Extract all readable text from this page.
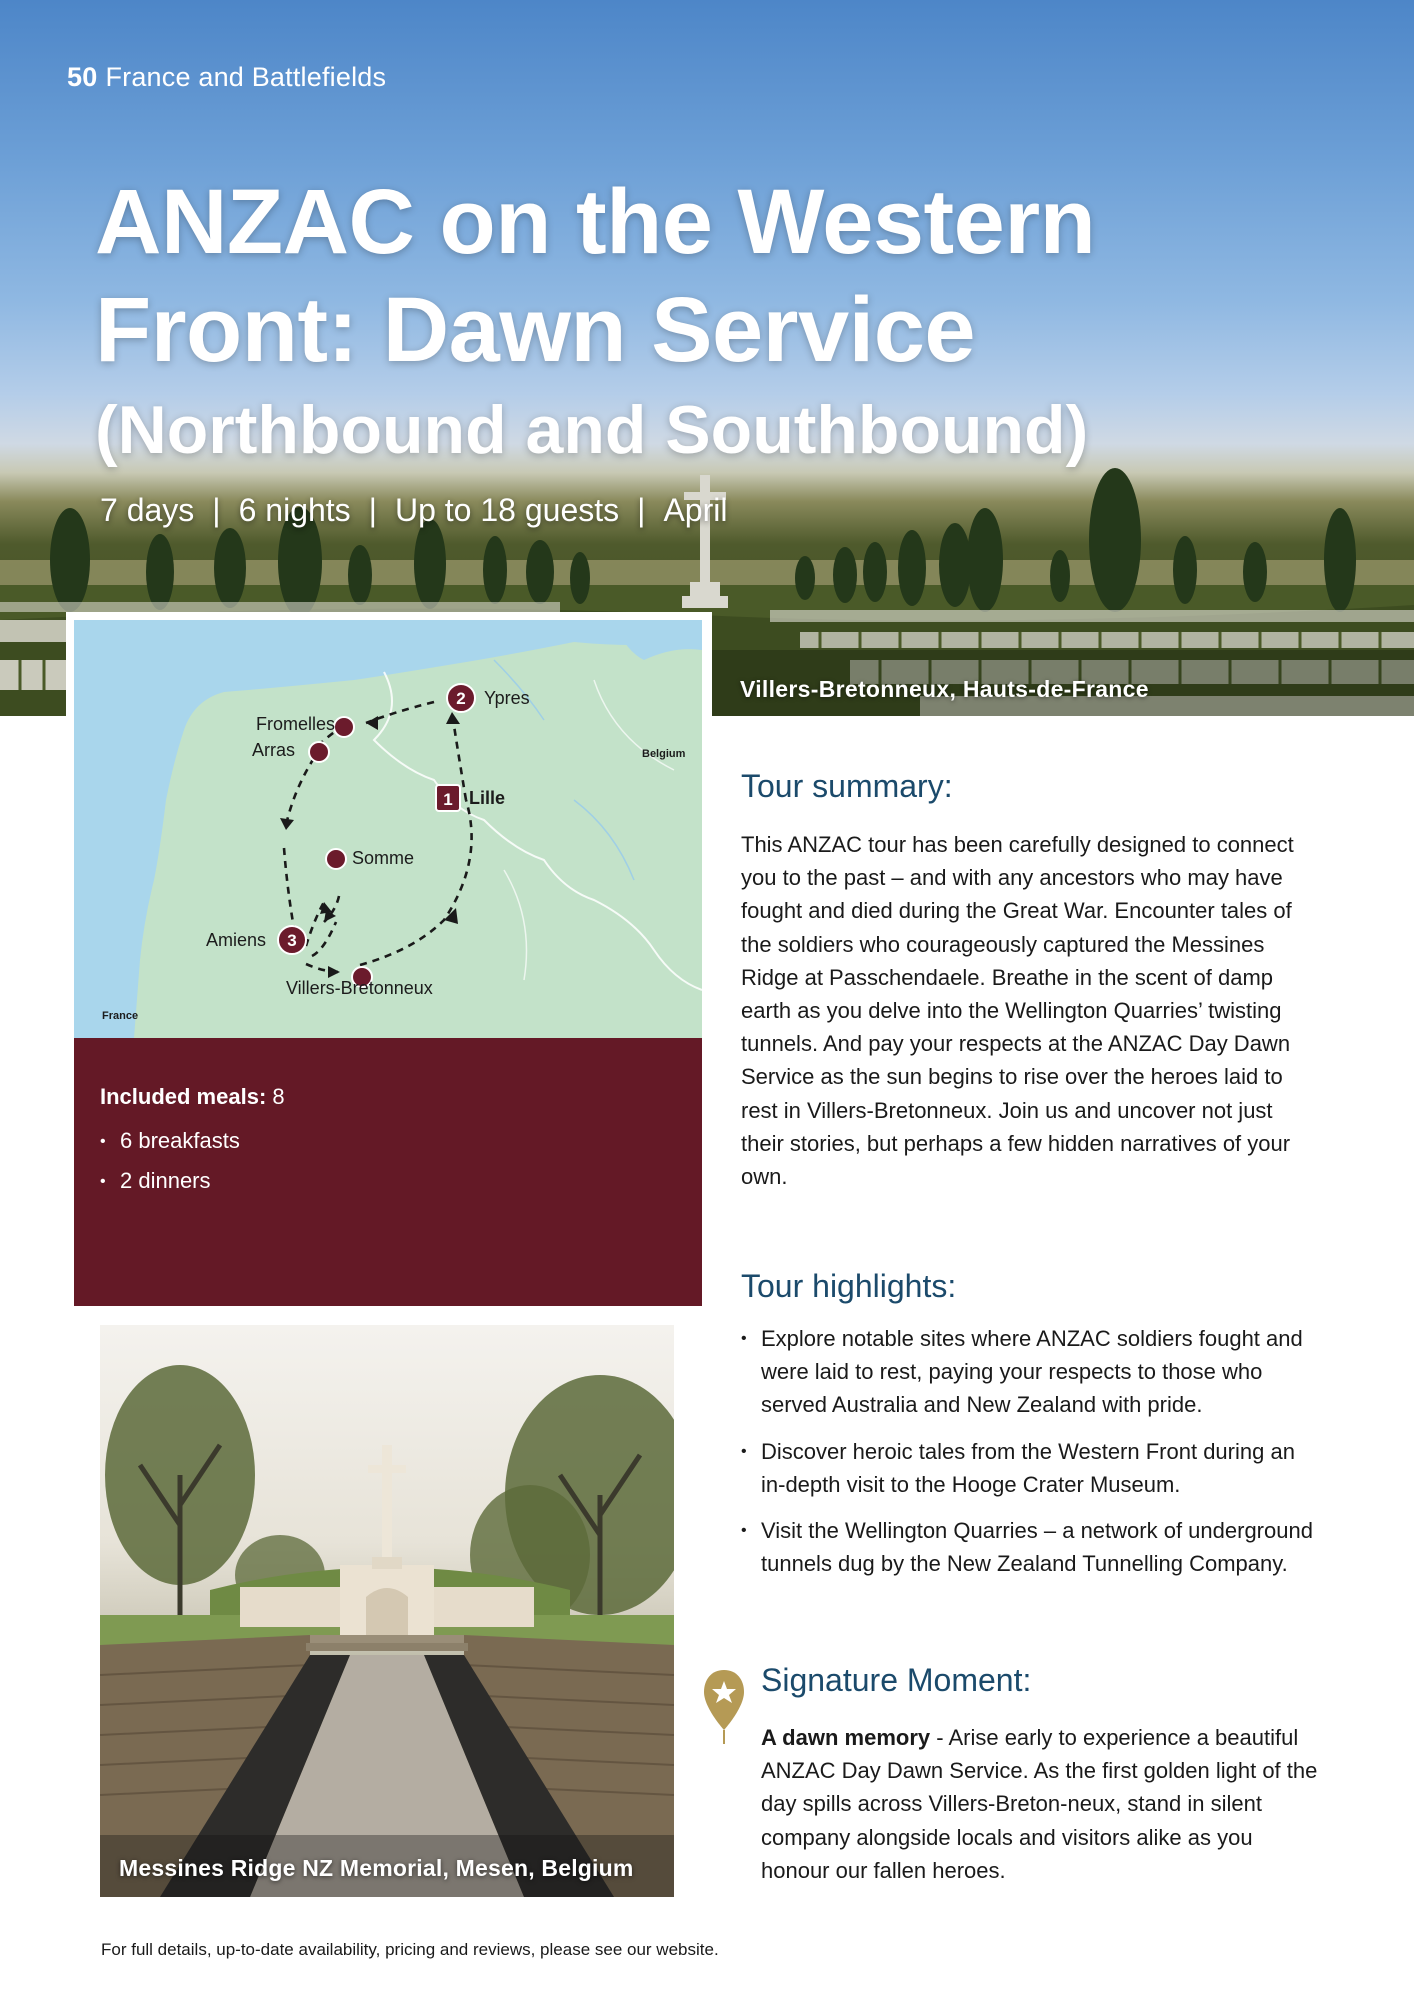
50 France and Battlefields
ANZAC on the Western
Front: Dawn Service
(Northbound and Southbound)
7 days | 6 nights | Up to 18 guests | April
Villers-Bretonneux, Hauts-de-France
1
2
3
Ypres
Fromelles
Arras
Lille
Somme
Amiens
Villers-Bretonneux
Belgium
France
Included meals: 8
• 6 breakfasts
• 2 dinners
Messines Ridge NZ Memorial, Mesen, Belgium
Tour summary:

This ANZAC tour has been carefully designed to connect you to the past – and with any ancestors who may have fought and died during the Great War. Encounter tales of the soldiers who courageously captured the Messines Ridge at Passchendaele. Breathe in the scent of damp earth as you delve into the Wellington Quarries’ twisting tunnels. And pay your respects at the ANZAC Day Dawn Service as the sun begins to rise over the heroes laid to rest in Villers-Bretonneux. Join us and uncover not just their stories, but perhaps a few hidden narratives of your own.

Tour highlights:
• Explore notable sites where ANZAC soldiers fought and were laid to rest, paying your respects to those who served Australia and New Zealand with pride.
• Discover heroic tales from the Western Front during an in-depth visit to the Hooge Crater Museum.
• Visit the Wellington Quarries – a network of underground tunnels dug by the New Zealand Tunnelling Company.
Signature Moment:

A dawn memory - Arise early to experience a beautiful ANZAC Day Dawn Service. As the first golden light of the day spills across Villers-Breton-neux, stand in silent company alongside locals and visitors alike as you honour our fallen heroes.

For full details, up-to-date availability, pricing and reviews, please see our website.
